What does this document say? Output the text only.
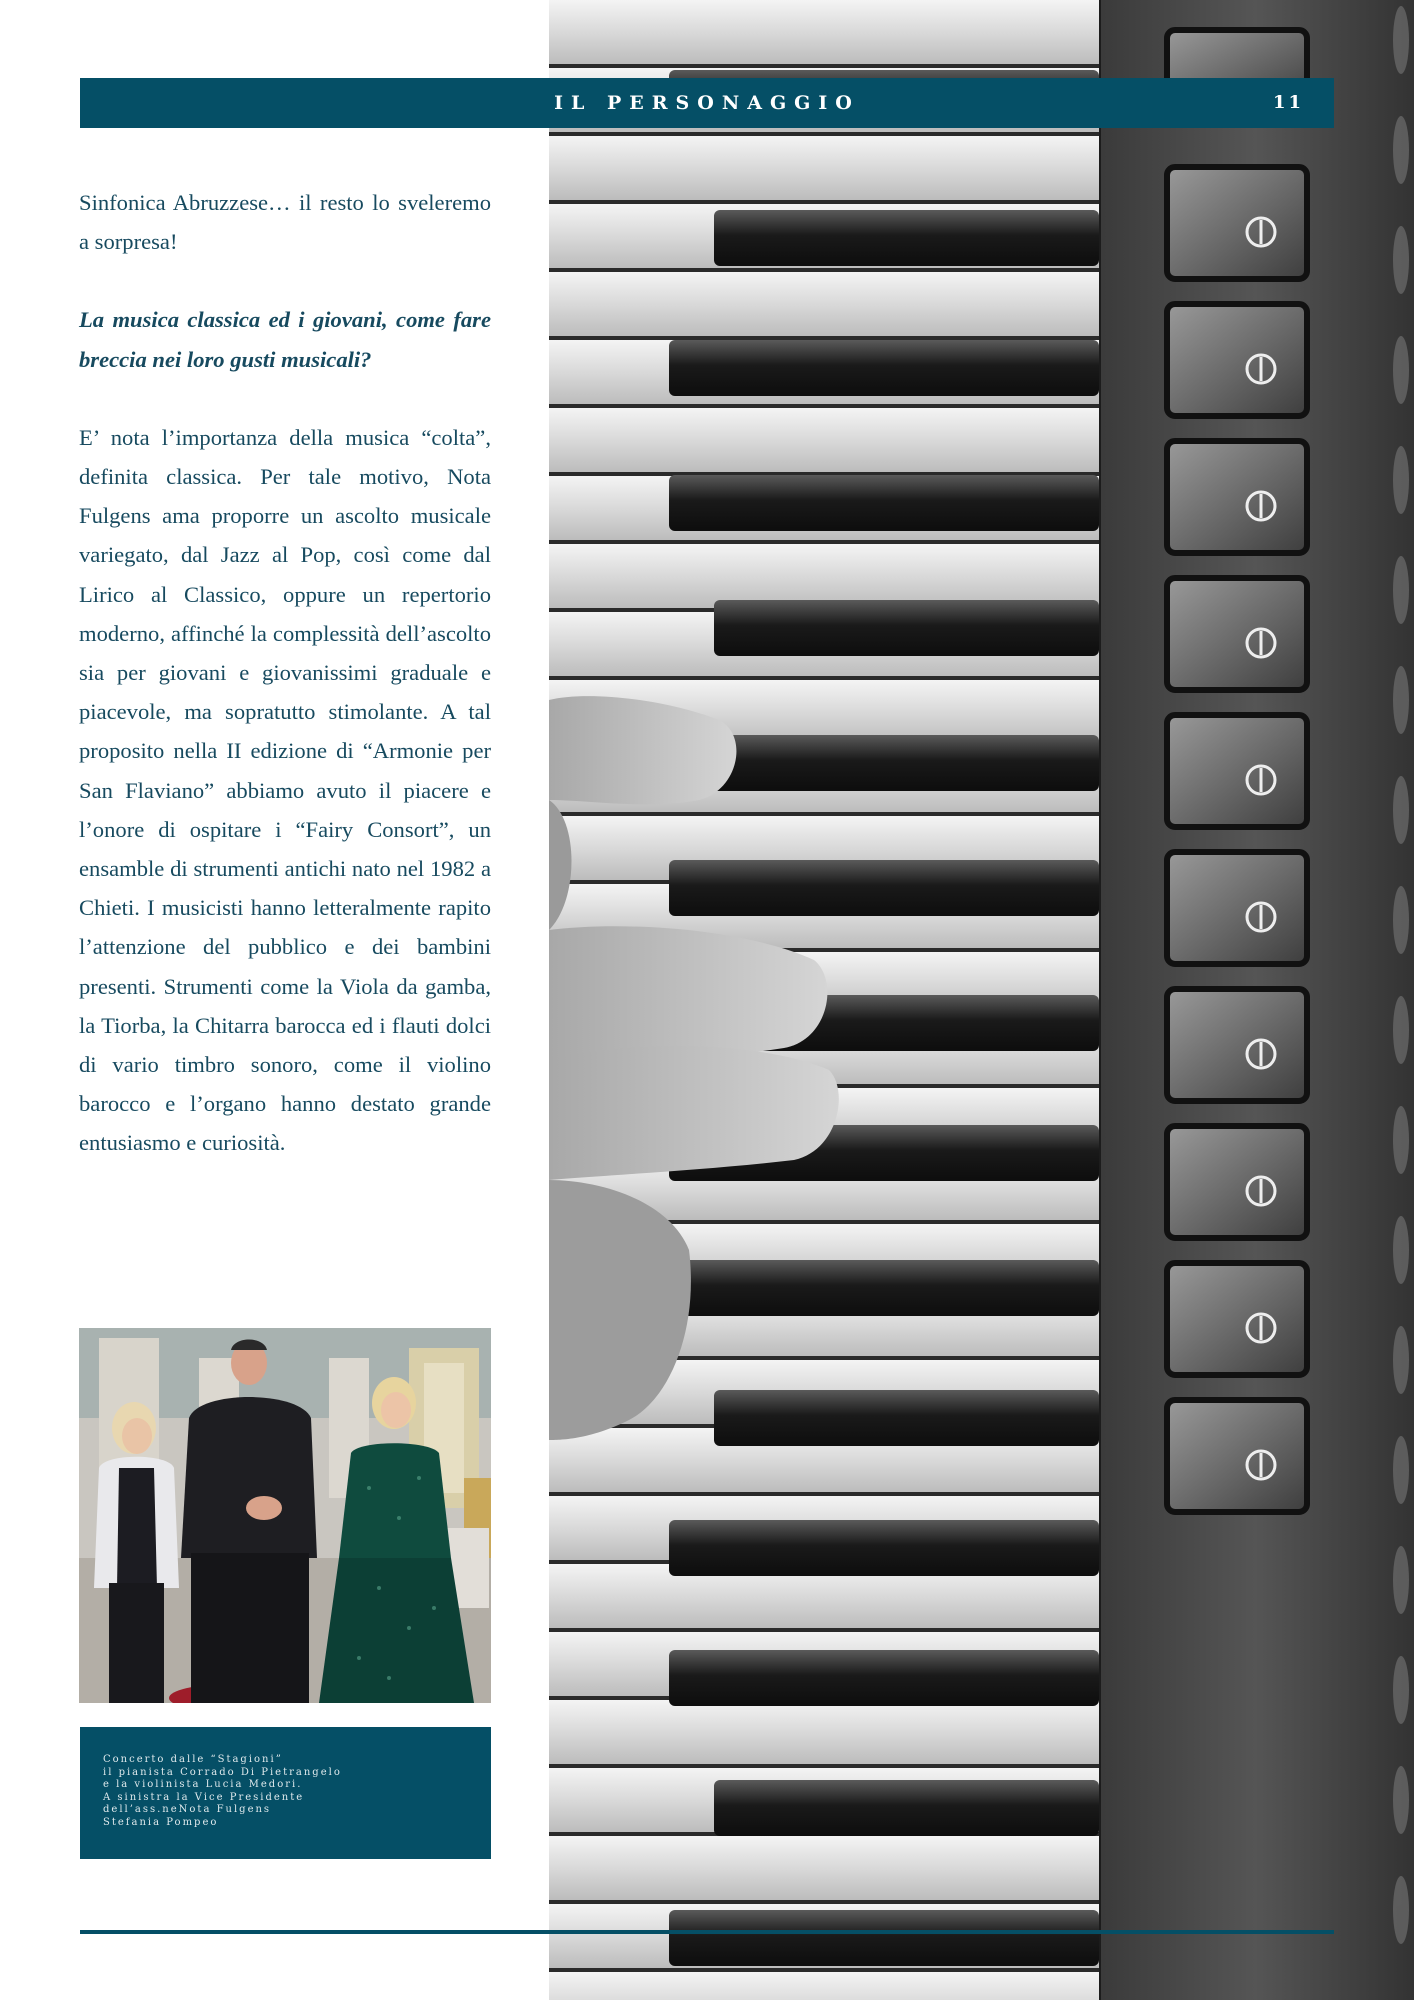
IL PERSONAGGIO	11

Sinfonica Abruzzese… il resto lo sveleremo a sorpresa!

La musica classica ed i giovani, come fare breccia nei loro gusti musicali?

E’ nota l’importanza della musica “colta”, definita classica. Per tale motivo, Nota Fulgens ama proporre un ascolto musicale variegato, dal Jazz al Pop, così come dal Lirico al Classico, oppure un repertorio moderno, affinché la complessità dell’ascolto sia per giovani e giovanissimi graduale e piacevole, ma sopratutto stimolante. A tal proposito nella II edizione di “Armonie per San Flaviano” abbiamo avuto il piacere e l’onore di ospitare i “Fairy Consort”, un ensamble di strumenti antichi nato nel 1982 a Chieti. I musicisti hanno letteralmente rapito l’attenzione del pubblico e dei bambini presenti. Strumenti come la Viola da gamba, la Tiorba, la Chitarra barocca ed i flauti dolci di vario timbro sonoro, come il violino barocco e l’organo hanno destato grande entusiasmo e curiosità.

Concerto dalle “Stagioni”
il pianista Corrado Di Pietrangelo
e la violinista Lucia Medori.
A sinistra la Vice Presidente
dell’ass.neNota Fulgens
Stefania Pompeo
